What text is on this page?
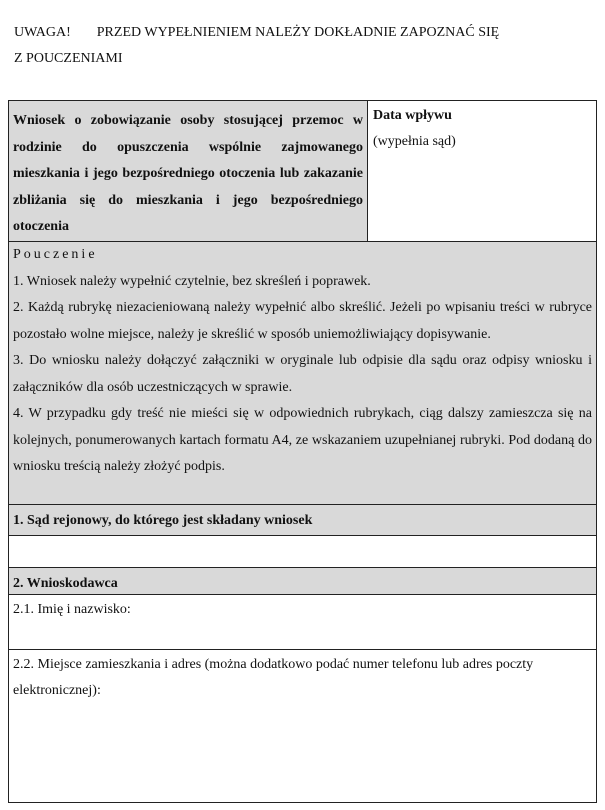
UWAGA! PRZED WYPEŁNIENIEM NALEŻY DOKŁADNIE ZAPOZNAĆ SIĘ
Z POUCZENIAMI
Wniosek o zobowiązanie osoby stosującej przemoc w rodzinie do opuszczenia wspólnie zajmowanego mieszkania i jego bezpośredniego otoczenia lub zakazanie zbliżania się do mieszkania i jego bezpośredniego otoczenia
Data wpływu
(wypełnia sąd)
Pouczenie

1. Wniosek należy wypełnić czytelnie, bez skreśleń i poprawek.

2. Każdą rubrykę niezacieniowaną należy wypełnić albo skreślić. Jeżeli po wpisaniu treści w rubryce pozostało wolne miejsce, należy je skreślić w sposób uniemożliwiający dopisywanie.

3. Do wniosku należy dołączyć załączniki w oryginale lub odpisie dla sądu oraz odpisy wniosku i załączników dla osób uczestniczących w sprawie.

4. W przypadku gdy treść nie mieści się w odpowiednich rubrykach, ciąg dalszy zamieszcza się na kolejnych, ponumerowanych kartach formatu A4, ze wskazaniem uzupełnianej rubryki. Pod dodaną do wniosku treścią należy złożyć podpis.

1. Sąd rejonowy, do którego jest składany wniosek
2. Wnioskodawca
2.1. Imię i nazwisko:
2.2. Miejsce zamieszkania i adres (można dodatkowo podać numer telefonu lub adres poczty elektronicznej):
